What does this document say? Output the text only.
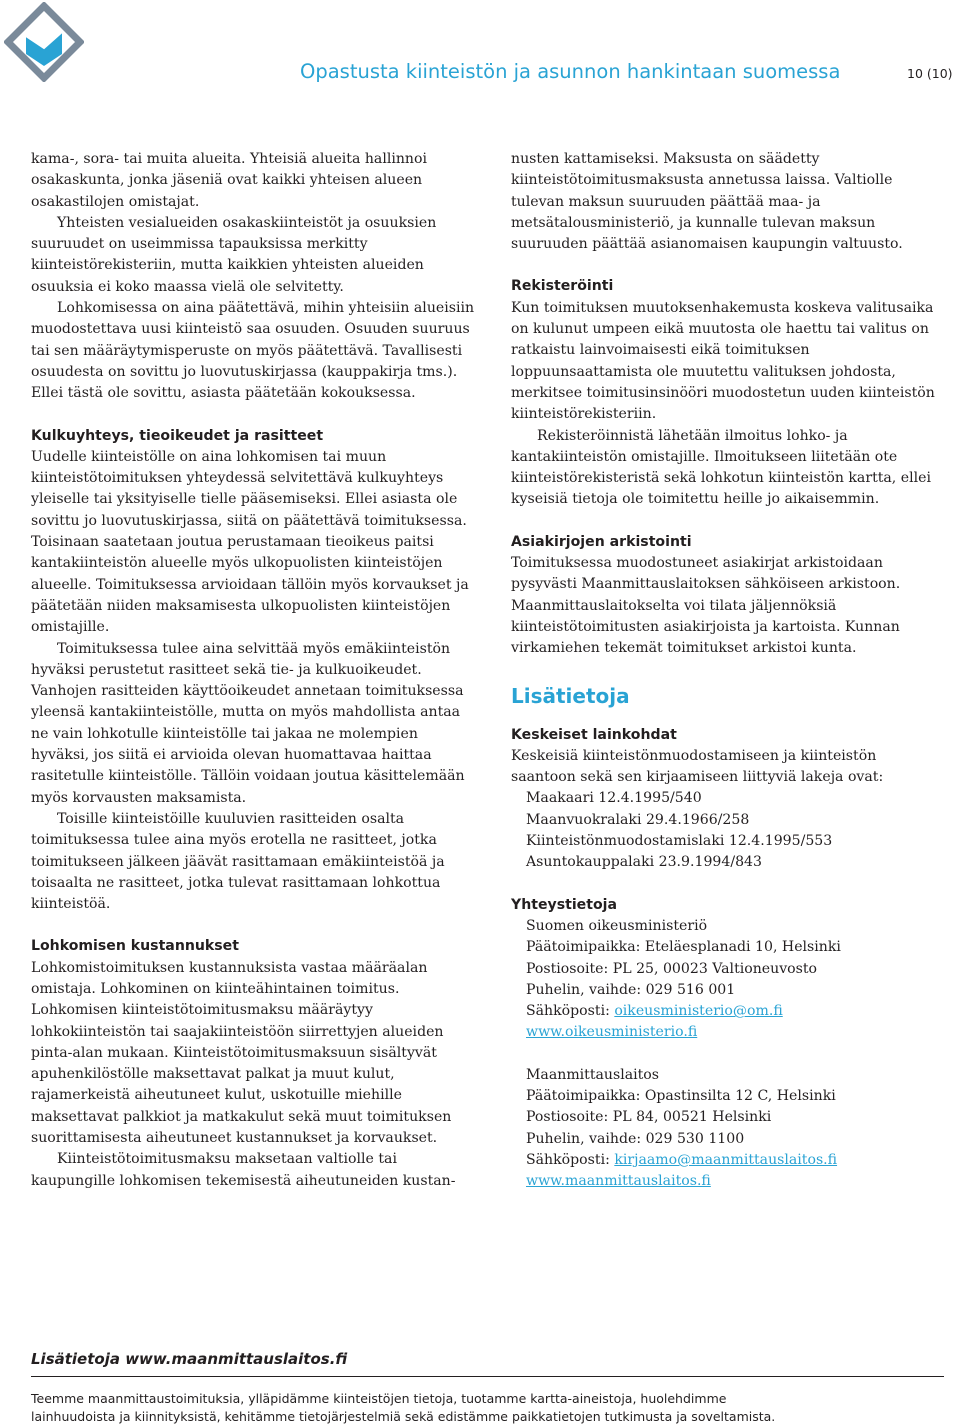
Opastusta kiinteistön ja asunnon hankintaan suomessa	10 (10)

kama-, sora- tai muita alueita. Yhteisiä alueita hallinnoi osakaskunta, jonka jäseniä ovat kaikki yhteisen alueen osakastilojen omistajat.

Yhteisten vesialueiden osakaskiinteistöt ja osuuksien suuruudet on useimmissa tapauksissa merkitty kiinteistörekisteriin, mutta kaikkien yhteisten alueiden osuuksia ei koko maassa vielä ole selvitetty.

Lohkomisessa on aina päätettävä, mihin yhteisiin alueisiin muodostettava uusi kiinteistö saa osuuden. Osuuden suuruus tai sen määräytymisperuste on myös päätettävä. Tavallisesti osuudesta on sovittu jo luovutuskirjassa (kauppakirja tms.). Ellei tästä ole sovittu, asiasta päätetään kokouksessa.

Kulkuyhteys, tieoikeudet ja rasitteet

Uudelle kiinteistölle on aina lohkomisen tai muun kiinteistötoimituksen yhteydessä selvitettävä kulkuyhteys yleiselle tai yksityiselle tielle pääsemiseksi. Ellei asiasta ole sovittu jo luovutuskirjassa, siitä on päätettävä toimituksessa. Toisinaan saatetaan joutua perustamaan tieoikeus paitsi kantakiinteistön alueelle myös ulkopuolisten kiinteistöjen alueelle. Toimituksessa arvioidaan tällöin myös korvaukset ja päätetään niiden maksamisesta ulkopuolisten kiinteistöjen omistajille.

Toimituksessa tulee aina selvittää myös emäkiinteistön hyväksi perustetut rasitteet sekä tie- ja kulkuoikeudet. Vanhojen rasitteiden käyttöoikeudet annetaan toimituksessa yleensä kantakiinteistölle, mutta on myös mahdollista antaa ne vain lohkotulle kiinteistölle tai jakaa ne molempien hyväksi, jos siitä ei arvioida olevan huomattavaa haittaa rasitetulle kiinteistölle. Tällöin voidaan joutua käsittelemään myös korvausten maksamista.

Toisille kiinteistöille kuuluvien rasitteiden osalta toimituksessa tulee aina myös erotella ne rasitteet, jotka toimitukseen jälkeen jäävät rasittamaan emäkiinteistöä ja toisaalta ne rasitteet, jotka tulevat rasittamaan lohkottua kiinteistöä.

Lohkomisen kustannukset

Lohkomistoimituksen kustannuksista vastaa määräalan omistaja. Lohkominen on kiinteähintainen toimitus. Lohkomisen kiinteistötoimitusmaksu määräytyy lohkokiinteistön tai saajakiinteistöön siirrettyjen alueiden pinta-alan mukaan. Kiinteistötoimitusmaksuun sisältyvät apuhenkilöstölle maksettavat palkat ja muut kulut, rajamerkeistä aiheutuneet kulut, uskotuille miehille maksettavat palkkiot ja matkakulut sekä muut toimituksen suorittamisesta aiheutuneet kustannukset ja korvaukset.

Kiinteistötoimitusmaksu maksetaan valtiolle tai kaupungille lohkomisen tekemisestä aiheutuneiden kustan-

nusten kattamiseksi. Maksusta on säädetty kiinteistötoimitusmaksusta annetussa laissa. Valtiolle tulevan maksun suuruuden päättää maa- ja metsätalousministeriö, ja kunnalle tulevan maksun suuruuden päättää asianomaisen kaupungin valtuusto.

Rekisteröinti

Kun toimituksen muutoksenhakemusta koskeva valitusaika on kulunut umpeen eikä muutosta ole haettu tai valitus on ratkaistu lainvoimaisesti eikä toimituksen loppuunsaattamista ole muutettu valituksen johdosta, merkitsee toimitusinsinööri muodostetun uuden kiinteistön kiinteistörekisteriin.

Rekisteröinnistä lähetään ilmoitus lohko- ja kantakiinteistön omistajille. Ilmoitukseen liitetään ote kiinteistörekisteristä sekä lohkotun kiinteistön kartta, ellei kyseisiä tietoja ole toimitettu heille jo aikaisemmin.

Asiakirjojen arkistointi

Toimituksessa muodostuneet asiakirjat arkistoidaan pysyvästi Maanmittauslaitoksen sähköiseen arkistoon. Maanmittauslaitokselta voi tilata jäljennöksiä kiinteistötoimitusten asiakirjoista ja kartoista. Kunnan virkamiehen tekemät toimitukset arkistoi kunta.

Lisätietoja
Keskeiset lainkohdat

Keskeisiä kiinteistönmuodostamiseen ja kiinteistön saantoon sekä sen kirjaamiseen liittyviä lakeja ovat:

Maakaari 12.4.1995/540
Maanvuokralaki 29.4.1966/258
Kiinteistönmuodostamislaki 12.4.1995/553
Asuntokauppalaki 23.9.1994/843
Yhteystietoja
Suomen oikeusministeriö
Päätoimipaikka: Eteläesplanadi 10, Helsinki
Postiosoite: PL 25, 00023 Valtioneuvosto
Puhelin, vaihde: 029 516 001
Sähköposti: oikeusministerio@om.fi
www.oikeusministerio.fi
Maanmittauslaitos
Päätoimipaikka: Opastinsilta 12 C, Helsinki
Postiosoite: PL 84, 00521 Helsinki
Puhelin, vaihde: 029 530 1100
Sähköposti: kirjaamo@maanmittauslaitos.fi
www.maanmittauslaitos.fi
Lisätietoja www.maanmittauslaitos.fi
Teemme maanmittaustoimituksia, ylläpidämme kiinteistöjen tietoja, tuotamme kartta-aineistoja, huolehdimme
lainhuudoista ja kiinnityksistä, kehitämme tietojärjestelmiä sekä edistämme paikkatietojen tutkimusta ja soveltamista.
